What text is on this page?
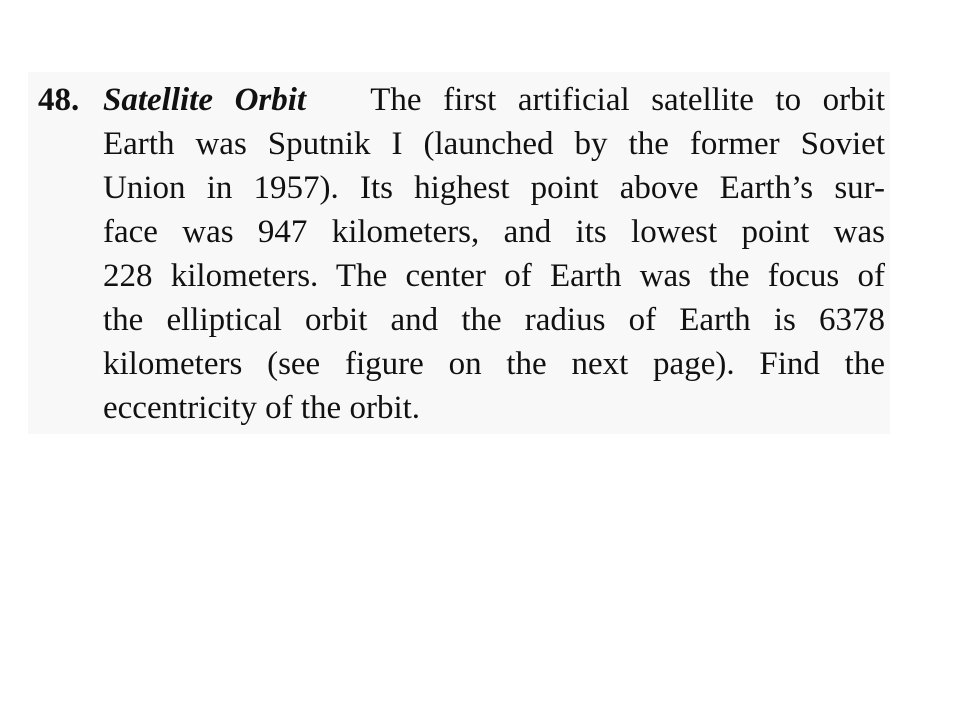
48. Satellite Orbit The first artificial satellite to orbit
Earth was Sputnik I (launched by the former Soviet
Union in 1957). Its highest point above Earth’s sur-
face was 947 kilometers, and its lowest point was
228 kilometers. The center of Earth was the focus of
the elliptical orbit and the radius of Earth is 6378
kilometers (see figure on the next page). Find the
eccentricity of the orbit.
